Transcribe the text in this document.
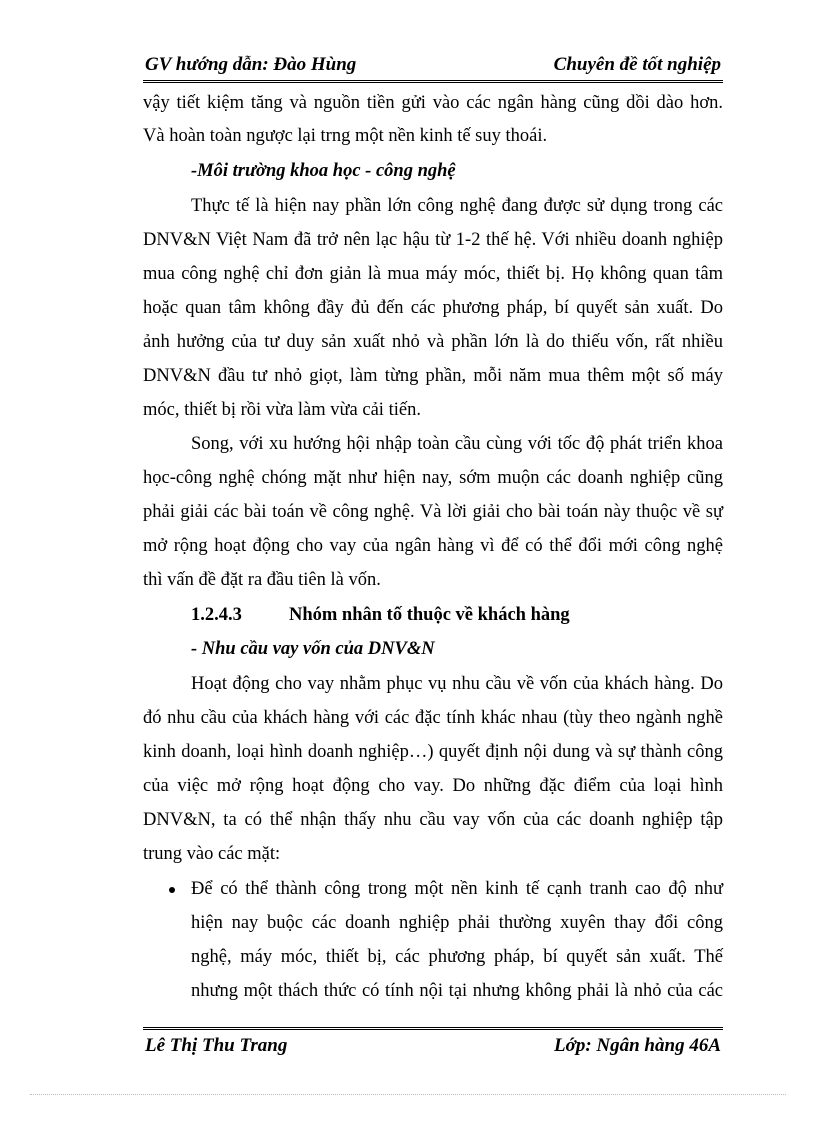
GV hướng dẫn: Đào Hùng	Chuyên đề tốt nghiệp
vậy tiết kiệm tăng và nguồn tiền gửi vào các ngân hàng cũng dồi dào hơn.
Và hoàn toàn ngược lại trng một nền kinh tế suy thoái.
-Môi trường khoa học - công nghệ
Thực tế là hiện nay phần lớn công nghệ đang được sử dụng trong các
DNV&N Việt Nam đã trở nên lạc hậu từ 1-2 thế hệ. Với nhiều doanh nghiệp
mua công nghệ chỉ đơn giản là mua máy móc, thiết bị. Họ không quan tâm
hoặc quan tâm không đầy đủ đến các phương pháp, bí quyết sản xuất. Do
ảnh hưởng của tư duy sản xuất nhỏ và phần lớn là do thiếu vốn, rất nhiều
DNV&N đầu tư nhỏ giọt, làm từng phần, mỗi năm mua thêm một số máy
móc, thiết bị rồi vừa làm vừa cải tiến.
Song, với xu hướng hội nhập toàn cầu cùng với tốc độ phát triển khoa
học-công nghệ chóng mặt như hiện nay, sớm muộn các doanh nghiệp cũng
phải giải các bài toán về công nghệ. Và lời giải cho bài toán này thuộc về sự
mở rộng hoạt động cho vay của ngân hàng vì để có thể đổi mới công nghệ
thì vấn đề đặt ra đầu tiên là vốn.
1.2.4.3	Nhóm nhân tố thuộc về khách hàng
- Nhu cầu vay vốn của DNV&N
Hoạt động cho vay nhằm phục vụ nhu cầu về vốn của khách hàng. Do
đó nhu cầu của khách hàng với các đặc tính khác nhau (tùy theo ngành nghề
kinh doanh, loại hình doanh nghiệp…) quyết định nội dung và sự thành công
của việc mở rộng hoạt động cho vay. Do những đặc điểm của loại hình
DNV&N, ta có thể nhận thấy nhu cầu vay vốn của các doanh nghiệp tập
trung vào các mặt:
Để có thể thành công trong một nền kinh tế cạnh tranh cao độ như
hiện nay buộc các doanh nghiệp phải thường xuyên thay đổi công
nghệ, máy móc, thiết bị, các phương pháp, bí quyết sản xuất. Thế
nhưng một thách thức có tính nội tại nhưng không phải là nhỏ của các
Lê Thị Thu Trang	Lớp: Ngân hàng 46A
